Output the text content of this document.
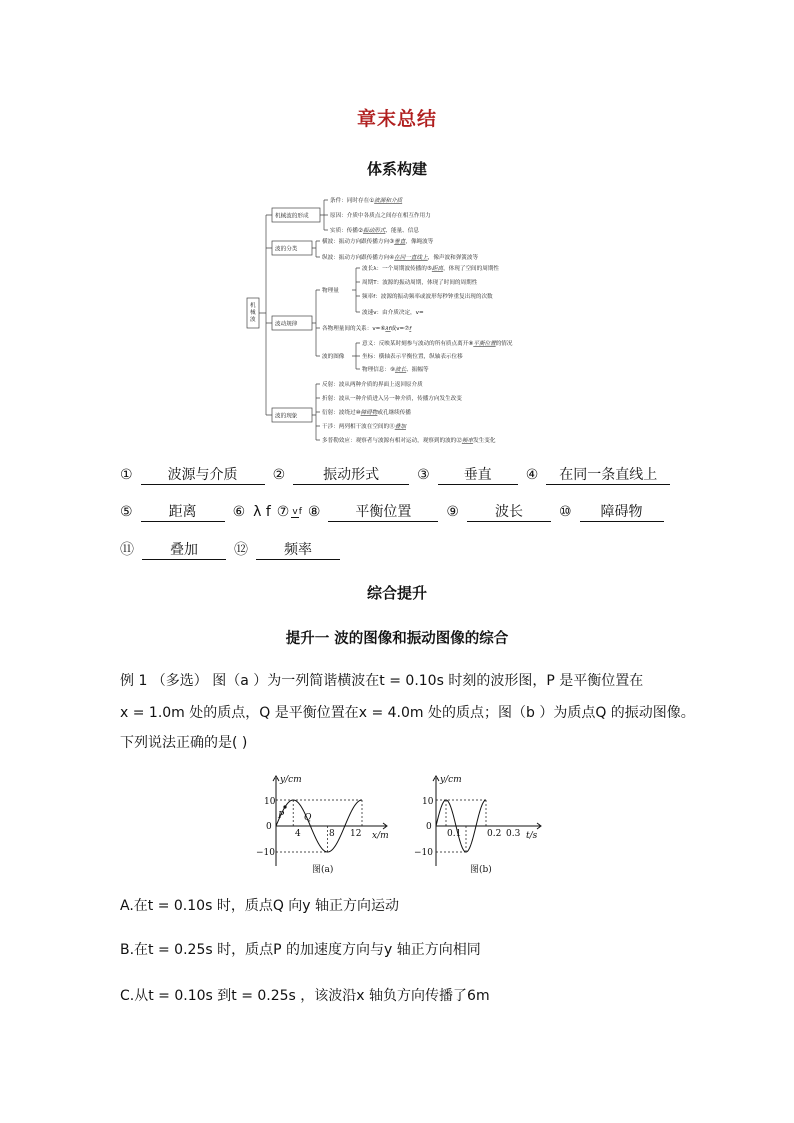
章末总结
体系构建
机
械
波
机械波的形成
波的分类
波动规律
波的现象
条件：同时存在①波源和介质
原因：介质中各质点之间存在相互作用力
实质：传播②振动形式、能量、信息
横波：振动方向跟传播方向③垂直，像绳波等
纵波：振动方向跟传播方向④在同一直线上，像声波和弹簧波等
物理量
波长λ：一个周期波传播的⑤距离，体现了空间的周期性
周期T：波源的振动周期，体现了时间的周期性
频率f：波源的振动频率或波形每秒钟重复出现的次数
波速v：由介质决定，v=
各物理量间的关系：v=⑥λf或v=⑦f
波的图像
意义：反映某时刻参与波动的所有质点离开⑧平衡位置的情况
坐标：横轴表示平衡位置，纵轴表示位移
物理信息：⑨波长、振幅等
反射：波从两种介质的界面上返回原介质
折射：波从一种介质进入另一种介质，传播方向发生改变
衍射：波绕过⑩障碍物或孔继续传播
干涉：两列相干波在空间的⑪叠加
多普勒效应：观察者与波源有相对运动，观察到的波的⑫频率发生变化
①	波源与介质	②	振动形式	③ 垂直 ④ 在同一条直线上
⑤	距离	⑥ λ f ⑦ vf ⑧	平衡位置	⑨	波长	⑩ 障碍物
⑪	叠加	⑫	频率
综合提升
提升一 波的图像和振动图像的综合
例 1 （多选） 图（a ）为一列简谐横波在t = 0.10s 时刻的波形图，P 是平衡位置在
x = 1.0m 处的质点，Q 是平衡位置在x = 4.0m 处的质点；图（b ）为质点Q 的振动图像。
下列说法正确的是( )
y/cm
x/m
10
0
−10
4	8 12
P Q
图(a)
y/cm
t/s
10
0
−10
0.1	0.2 0.3
图(b)
A.在t = 0.10s 时，质点Q 向y 轴正方向运动
B.在t = 0.25s 时，质点P 的加速度方向与y 轴正方向相同
C.从t = 0.10s 到t = 0.25s ，该波沿x 轴负方向传播了6m
